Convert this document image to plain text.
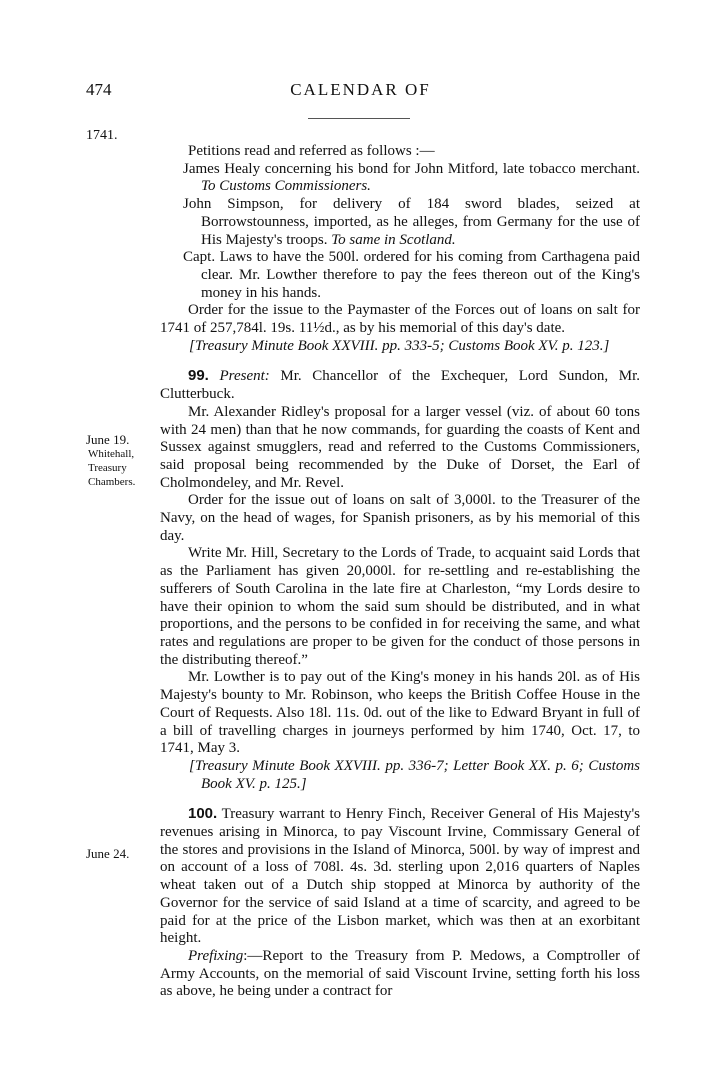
474	CALENDAR OF
1741.
June 19.
Whitehall,
Treasury
Chambers.
June 24.

Petitions read and referred as follows :—

James Healy concerning his bond for John Mitford, late tobacco merchant. To Customs Commissioners.

John Simpson, for delivery of 184 sword blades, seized at Borrowstounness, imported, as he alleges, from Germany for the use of His Majesty's troops. To same in Scotland.

Capt. Laws to have the 500l. ordered for his coming from Carthagena paid clear. Mr. Lowther therefore to pay the fees thereon out of the King's money in his hands.

Order for the issue to the Paymaster of the Forces out of loans on salt for 1741 of 257,784l. 19s. 11½d., as by his memorial of this day's date.

[Treasury Minute Book XXVIII. pp. 333-5; Customs Book XV. p. 123.]

99. Present: Mr. Chancellor of the Exchequer, Lord Sundon, Mr. Clutterbuck.

Mr. Alexander Ridley's proposal for a larger vessel (viz. of about 60 tons with 24 men) than that he now commands, for guarding the coasts of Kent and Sussex against smugglers, read and referred to the Customs Commissioners, said proposal being recommended by the Duke of Dorset, the Earl of Cholmondeley, and Mr. Revel.

Order for the issue out of loans on salt of 3,000l. to the Treasurer of the Navy, on the head of wages, for Spanish prisoners, as by his memorial of this day.

Write Mr. Hill, Secretary to the Lords of Trade, to acquaint said Lords that as the Parliament has given 20,000l. for re-settling and re-establishing the sufferers of South Carolina in the late fire at Charleston, “my Lords desire to have their opinion to whom the said sum should be distributed, and in what proportions, and the persons to be confided in for receiving the same, and what rates and regulations are proper to be given for the conduct of those persons in the distributing thereof.”

Mr. Lowther is to pay out of the King's money in his hands 20l. as of His Majesty's bounty to Mr. Robinson, who keeps the British Coffee House in the Court of Requests. Also 18l. 11s. 0d. out of the like to Edward Bryant in full of a bill of travelling charges in journeys performed by him 1740, Oct. 17, to 1741, May 3.

[Treasury Minute Book XXVIII. pp. 336-7; Letter Book XX. p. 6; Customs Book XV. p. 125.]

100. Treasury warrant to Henry Finch, Receiver General of His Majesty's revenues arising in Minorca, to pay Viscount Irvine, Commissary General of the stores and provisions in the Island of Minorca, 500l. by way of imprest and on account of a loss of 708l. 4s. 3d. sterling upon 2,016 quarters of Naples wheat taken out of a Dutch ship stopped at Minorca by authority of the Governor for the service of said Island at a time of scarcity, and agreed to be paid for at the price of the Lisbon market, which was then at an exorbitant height.

Prefixing:—Report to the Treasury from P. Medows, a Comptroller of Army Accounts, on the memorial of said Viscount Irvine, setting forth his loss as above, he being under a contract for
